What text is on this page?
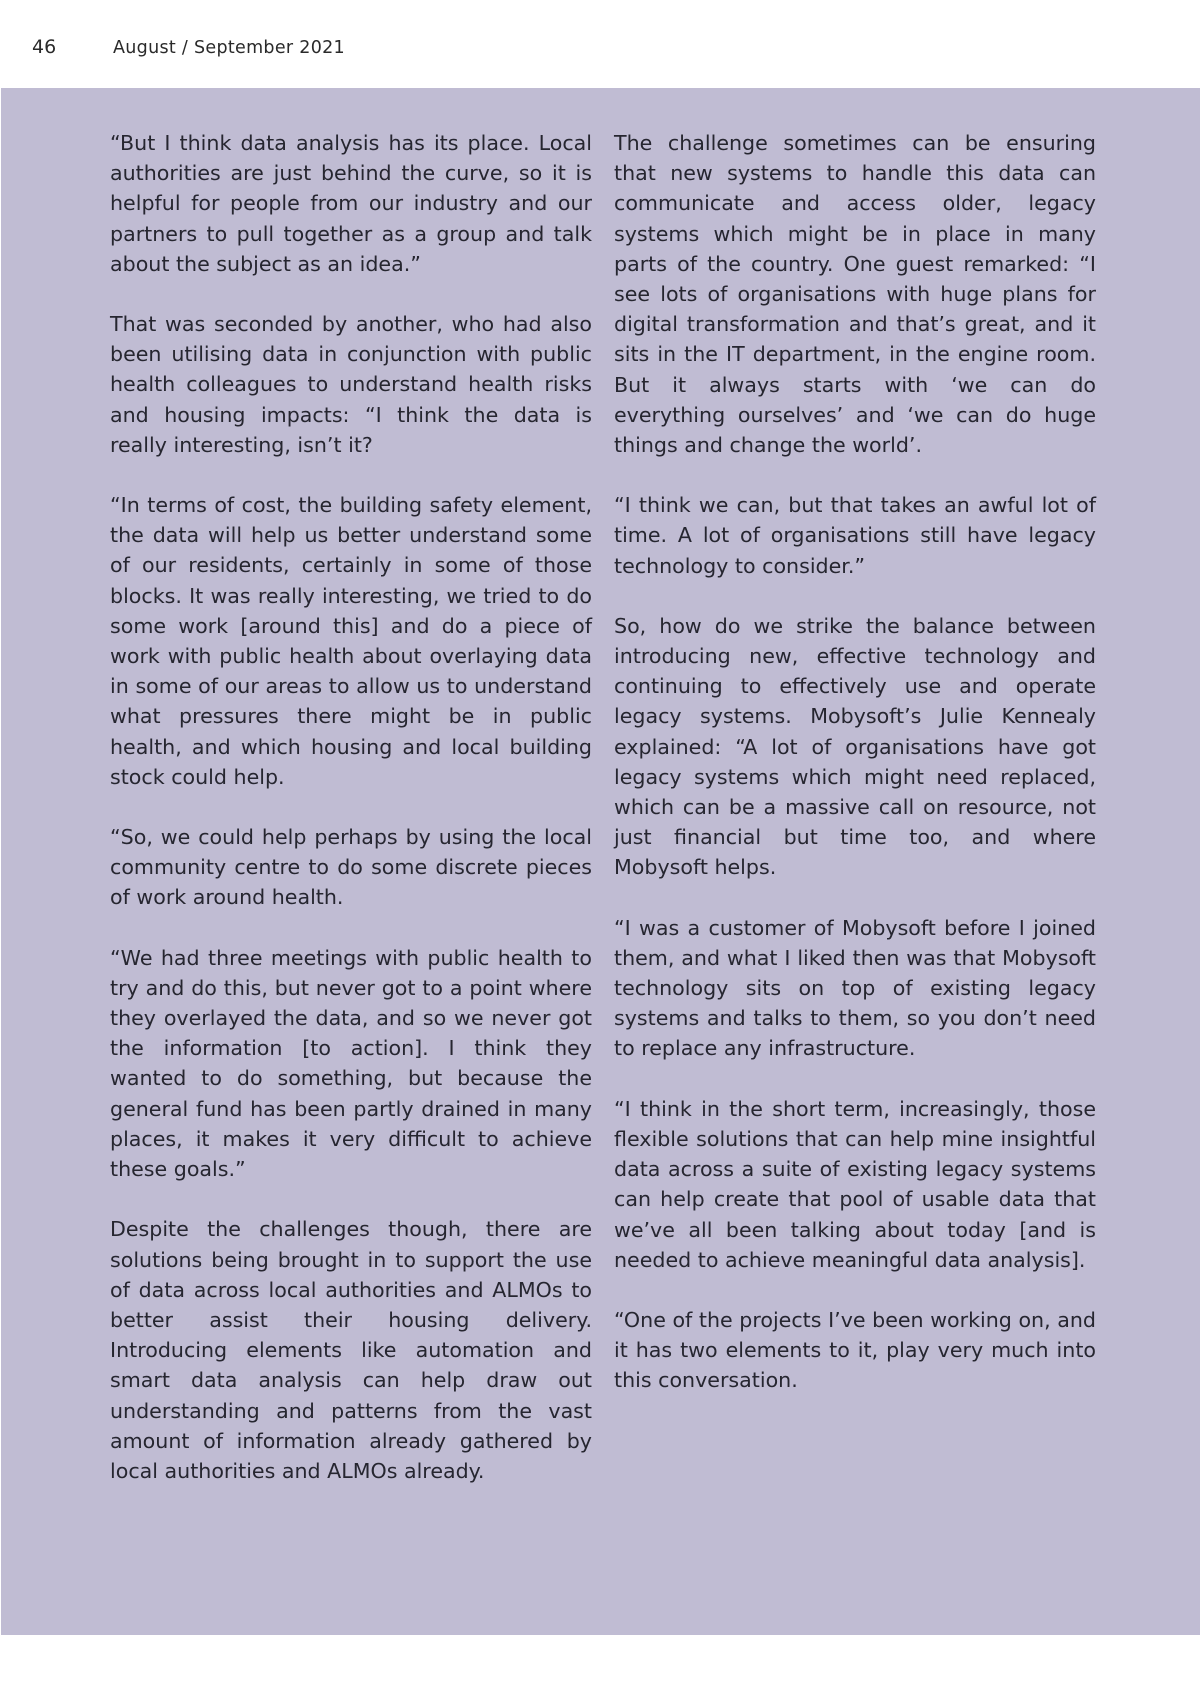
46	August / September 2021

“But I think data analysis has its place. Local authorities are just behind the curve, so it is helpful for people from our industry and our partners to pull together as a group and talk about the subject as an idea.”

That was seconded by another, who had also been utilising data in conjunction with public health colleagues to understand health risks and housing impacts: “I think the data is really interesting, isn’t it?

“In terms of cost, the building safety element, the data will help us better understand some of our residents, certainly in some of those blocks. It was really interesting, we tried to do some work [around this] and do a piece of work with public health about overlaying data in some of our areas to allow us to understand what pressures there might be in public health, and which housing and local building stock could help.

“So, we could help perhaps by using the local community centre to do some discrete pieces of work around health.

“We had three meetings with public health to try and do this, but never got to a point where they overlayed the data, and so we never got the information [to action]. I think they wanted to do something, but because the general fund has been partly drained in many places, it makes it very difficult to achieve these goals.”

Despite the challenges though, there are solutions being brought in to support the use of data across local authorities and ALMOs to better assist their housing delivery. Introducing elements like automation and smart data analysis can help draw out understanding and patterns from the vast amount of information already gathered by local authorities and ALMOs already.

The challenge sometimes can be ensuring that new systems to handle this data can communicate and access older, legacy systems which might be in place in many parts of the country. One guest remarked: “I see lots of organisations with huge plans for digital transformation and that’s great, and it sits in the IT department, in the engine room. But it always starts with ‘we can do everything ourselves’ and ‘we can do huge things and change the world’.

“I think we can, but that takes an awful lot of time. A lot of organisations still have legacy technology to consider.”

So, how do we strike the balance between introducing new, effective technology and continuing to effectively use and operate legacy systems. Mobysoft’s Julie Kennealy explained: “A lot of organisations have got legacy systems which might need replaced, which can be a massive call on resource, not just financial but time too, and where Mobysoft helps.

“I was a customer of Mobysoft before I joined them, and what I liked then was that Mobysoft technology sits on top of existing legacy systems and talks to them, so you don’t need to replace any infrastructure.

“I think in the short term, increasingly, those flexible solutions that can help mine insightful data across a suite of existing legacy systems can help create that pool of usable data that we’ve all been talking about today [and is needed to achieve meaningful data analysis].

“One of the projects I’ve been working on, and it has two elements to it, play very much into this conversation.
